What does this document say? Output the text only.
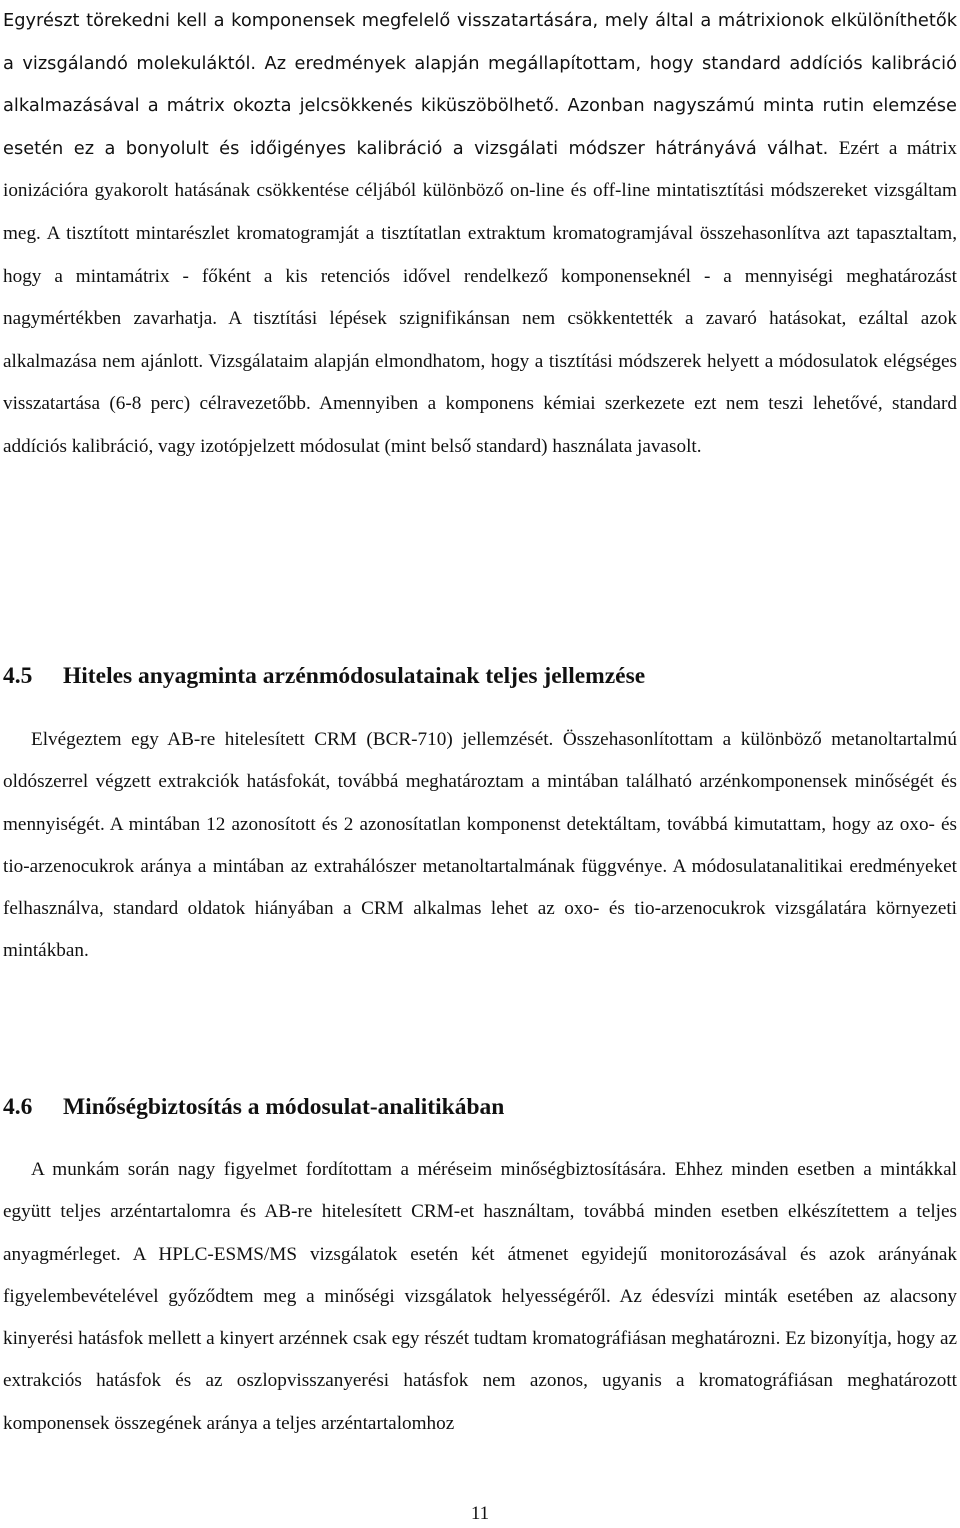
Egyrészt törekedni kell a komponensek megfelelő visszatartására, mely által a mátrixionok elkülöníthetők a vizsgálandó molekuláktól. Az eredmények alapján megállapítottam, hogy standard addíciós kalibráció alkalmazásával a mátrix okozta jelcsökkenés kiküszöbölhető. Azonban nagyszámú minta rutin elemzése esetén ez a bonyolult és időigényes kalibráció a vizsgálati módszer hátrányává válhat. Ezért a mátrix ionizációra gyakorolt hatásának csökkentése céljából különböző on-line és off-line mintatisztítási módszereket vizsgáltam meg. A tisztított mintarészlet kromatogramját a tisztítatlan extraktum kromatogramjával összehasonlítva azt tapasztaltam, hogy a mintamátrix - főként a kis retenciós idővel rendelkező komponenseknél - a mennyiségi meghatározást nagymértékben zavarhatja. A tisztítási lépések szignifikánsan nem csökkentették a zavaró hatásokat, ezáltal azok alkalmazása nem ajánlott. Vizsgálataim alapján elmondhatom, hogy a tisztítási módszerek helyett a módosulatok elégséges visszatartása (6-8 perc) célravezetőbb. Amennyiben a komponens kémiai szerkezete ezt nem teszi lehetővé, standard addíciós kalibráció, vagy izotópjelzett módosulat (mint belső standard) használata javasolt.

4.5 Hiteles anyagminta arzénmódosulatainak teljes jellemzése

Elvégeztem egy AB-re hitelesített CRM (BCR-710) jellemzését. Összehasonlítottam a különböző metanoltartalmú oldószerrel végzett extrakciók hatásfokát, továbbá meghatároztam a mintában található arzénkomponensek minőségét és mennyiségét. A mintában 12 azonosított és 2 azonosítatlan komponenst detektáltam, továbbá kimutattam, hogy az oxo- és tio-arzenocukrok aránya a mintában az extrahálószer metanoltartalmának függvénye. A módosulatanalitikai eredményeket felhasználva, standard oldatok hiányában a CRM alkalmas lehet az oxo- és tio-arzenocukrok vizsgálatára környezeti mintákban.

4.6 Minőségbiztosítás a módosulat-analitikában

A munkám során nagy figyelmet fordítottam a méréseim minőségbiztosítására. Ehhez minden esetben a mintákkal együtt teljes arzéntartalomra és AB-re hitelesített CRM-et használtam, továbbá minden esetben elkészítettem a teljes anyagmérleget. A HPLC-ESMS/MS vizsgálatok esetén két átmenet egyidejű monitorozásával és azok arányának figyelembevételével győződtem meg a minőségi vizsgálatok helyességéről. Az édesvízi minták esetében az alacsony kinyerési hatásfok mellett a kinyert arzénnek csak egy részét tudtam kromatográfiásan meghatározni. Ez bizonyítja, hogy az extrakciós hatásfok és az oszlopvisszanyerési hatásfok nem azonos, ugyanis a kromatográfiásan meghatározott komponensek összegének aránya a teljes arzéntartalomhoz

11
